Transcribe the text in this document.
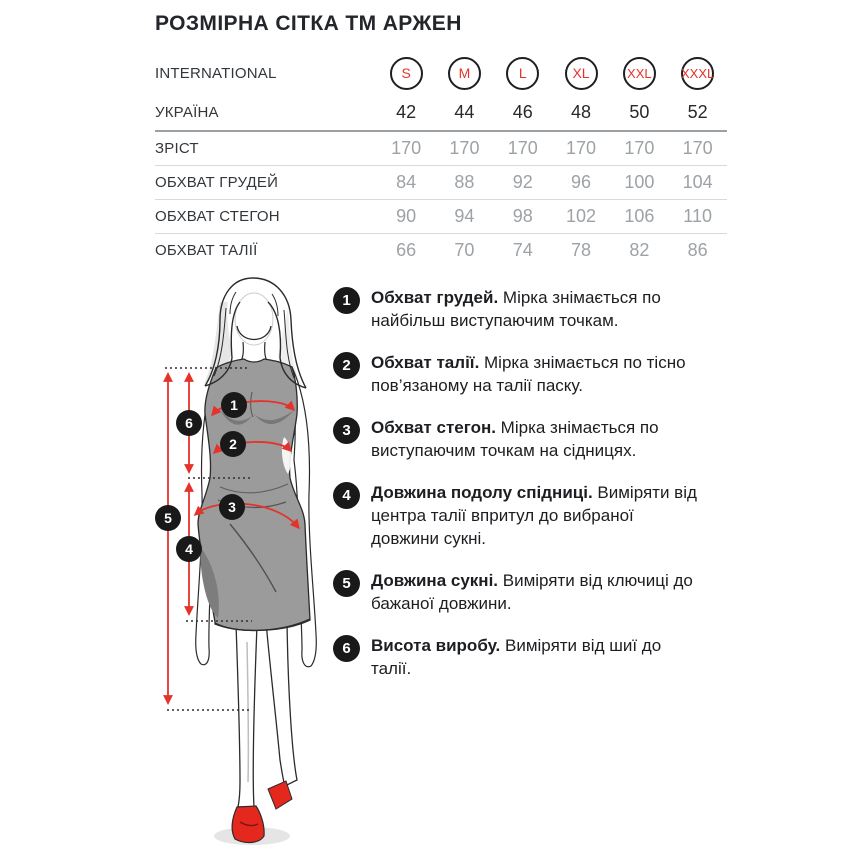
РОЗМІРНА СІТКА ТМ АРЖЕН
INTERNATIONAL	S	M	L	XL	XXL XXXL
УКРАЇНА	42	44	46	48	50	52
ЗРІСТ	170	170	170	170	170	170
ОБХВАТ ГРУДЕЙ	84	88	92	96	100	104
ОБХВАТ СТЕГОН	90	94	98	102	106	110
ОБХВАТ ТАЛІЇ	66	70	74	78	82	86
1
2
3
4
5
6
1	Обхват грудей. Мірка знімається по найбільш виступаючим точкам.
2	Обхват талії. Мірка знімається по тісно пов’язаному на талії паску.
3	Обхват стегон. Мірка знімається по виступаючим точкам на сідницях.
4	Довжина подолу спідниці. Виміряти від центра талії впритул до вибраної довжини сукні.
5	Довжина сукні. Виміряти від ключиці до бажаної довжини.
6	Висота виробу. Виміряти від шиї до талії.
